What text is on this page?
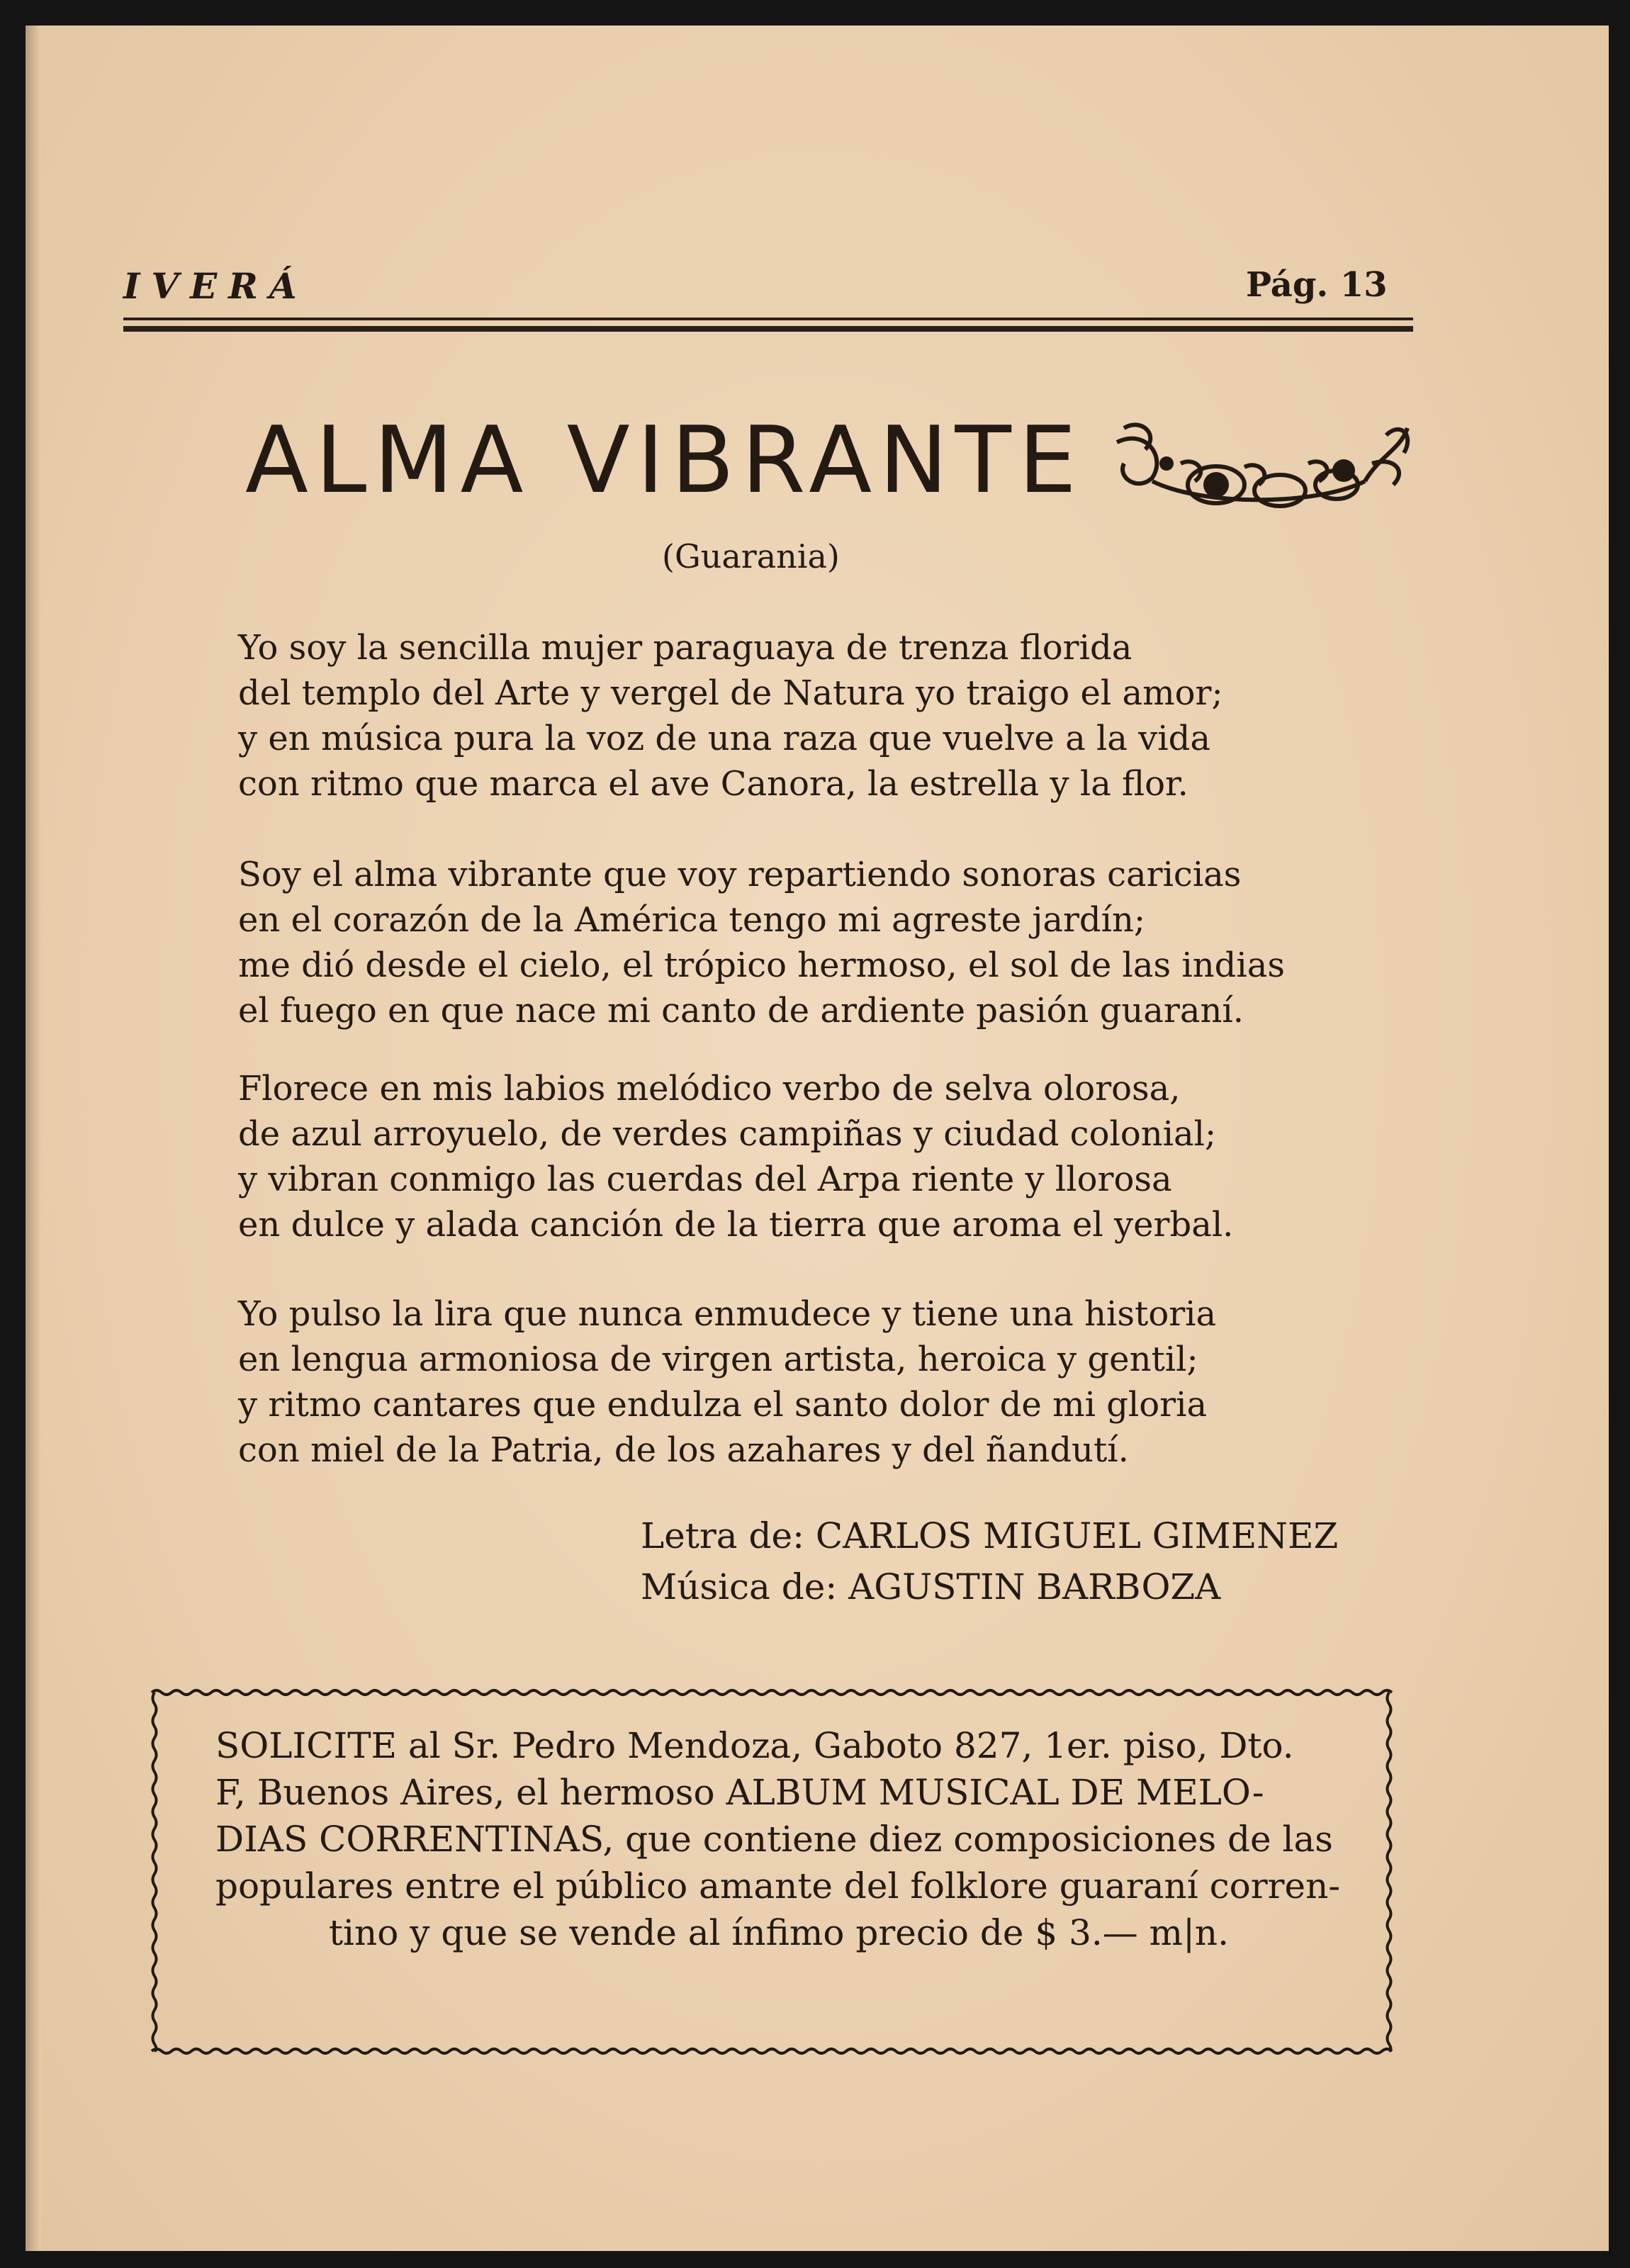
IVERÁ	Pág. 13
ALMA VIBRANTE
(Guarania)
Yo soy la sencilla mujer paraguaya de trenza florida
del templo del Arte y vergel de Natura yo traigo el amor;
y en música pura la voz de una raza que vuelve a la vida
con ritmo que marca el ave Canora, la estrella y la flor.
Soy el alma vibrante que voy repartiendo sonoras caricias
en el corazón de la América tengo mi agreste jardín;
me dió desde el cielo, el trópico hermoso, el sol de las indias
el fuego en que nace mi canto de ardiente pasión guaraní.
Florece en mis labios melódico verbo de selva olorosa,
de azul arroyuelo, de verdes campiñas y ciudad colonial;
y vibran conmigo las cuerdas del Arpa riente y llorosa
en dulce y alada canción de la tierra que aroma el yerbal.
Yo pulso la lira que nunca enmudece y tiene una historia
en lengua armoniosa de virgen artista, heroica y gentil;
y ritmo cantares que endulza el santo dolor de mi gloria
con miel de la Patria, de los azahares y del ñandutí.
Letra de: CARLOS MIGUEL GIMENEZ
Música de: AGUSTIN BARBOZA
SOLICITE al Sr. Pedro Mendoza, Gaboto 827, 1er. piso, Dto.
F, Buenos Aires, el hermoso ALBUM MUSICAL DE MELO-
DIAS CORRENTINAS, que contiene diez composiciones de las
populares entre el público amante del folklore guaraní corren-
tino y que se vende al ínfimo precio de $ 3.— m|n.
